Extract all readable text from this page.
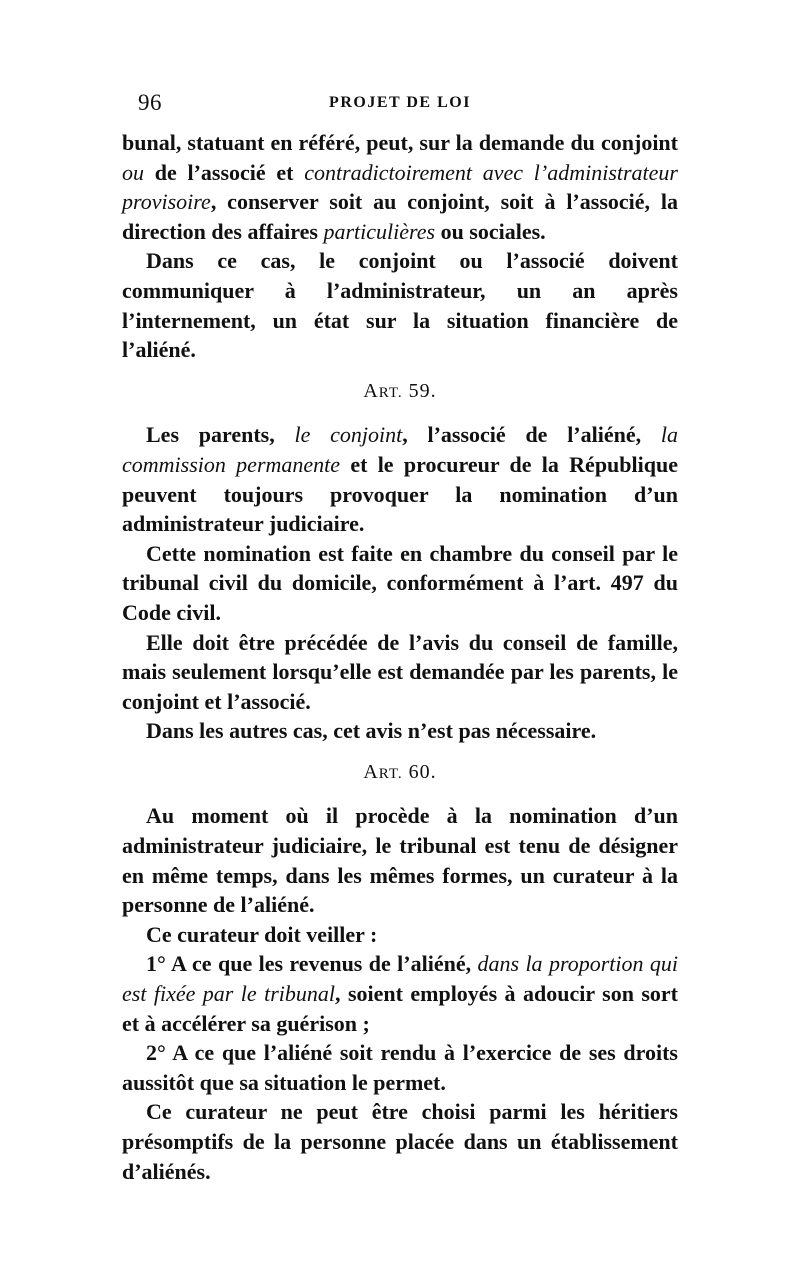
96	PROJET DE LOI

bunal, statuant en référé, peut, sur la demande du conjoint ou de l’associé et contradictoirement avec l’administrateur provisoire, conserver soit au conjoint, soit à l’associé, la direction des affaires particulières ou sociales.

Dans ce cas, le conjoint ou l’associé doivent communiquer à l’administrateur, un an après l’internement, un état sur la situation financière de l’aliéné.

ART. 59.

Les parents, le conjoint, l’associé de l’aliéné, la commission permanente et le procureur de la République peuvent toujours provoquer la nomination d’un administrateur judiciaire.

Cette nomination est faite en chambre du conseil par le tribunal civil du domicile, conformément à l’art. 497 du Code civil.

Elle doit être précédée de l’avis du conseil de famille, mais seulement lorsqu’elle est demandée par les parents, le conjoint et l’associé.

Dans les autres cas, cet avis n’est pas nécessaire.

ART. 60.

Au moment où il procède à la nomination d’un administrateur judiciaire, le tribunal est tenu de désigner en même temps, dans les mêmes formes, un curateur à la personne de l’aliéné.

Ce curateur doit veiller :

1° A ce que les revenus de l’aliéné, dans la proportion qui est fixée par le tribunal, soient employés à adoucir son sort et à accélérer sa guérison ;

2° A ce que l’aliéné soit rendu à l’exercice de ses droits aussitôt que sa situation le permet.

Ce curateur ne peut être choisi parmi les héritiers présomptifs de la personne placée dans un établissement d’aliénés.
